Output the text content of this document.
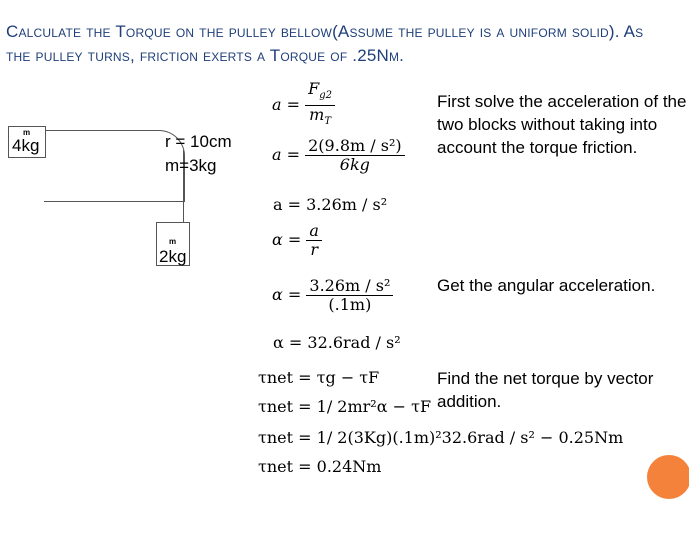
Calculate the Torque on the pulley bellow(Assume the pulley is a uniform solid). As the pulley turns, friction exerts a Torque of .25Nm.
m
4kg
m
2kg
r = 10cm
m=3kg
$a = \frac{F_{g2}}{m_T}$
$a = \frac{\text{2(9.8m / s²)}}{6kg}$
a = 3.26m / s²
$\alpha = \frac{a}{r}$
$\alpha = \frac{\text{3.26m / s²}}{(.1m)}$
α = 32.6rad / s²
τnet = τg − τF
τnet = 1/ 2mr²α − τF
τnet = 1/ 2(3Kg)(.1m)²32.6rad / s² − 0.25Nm
τnet = 0.24Nm
First solve the acceleration of the two blocks without taking into account the torque friction.
Get the angular acceleration.
Find the net torque by vector addition.
